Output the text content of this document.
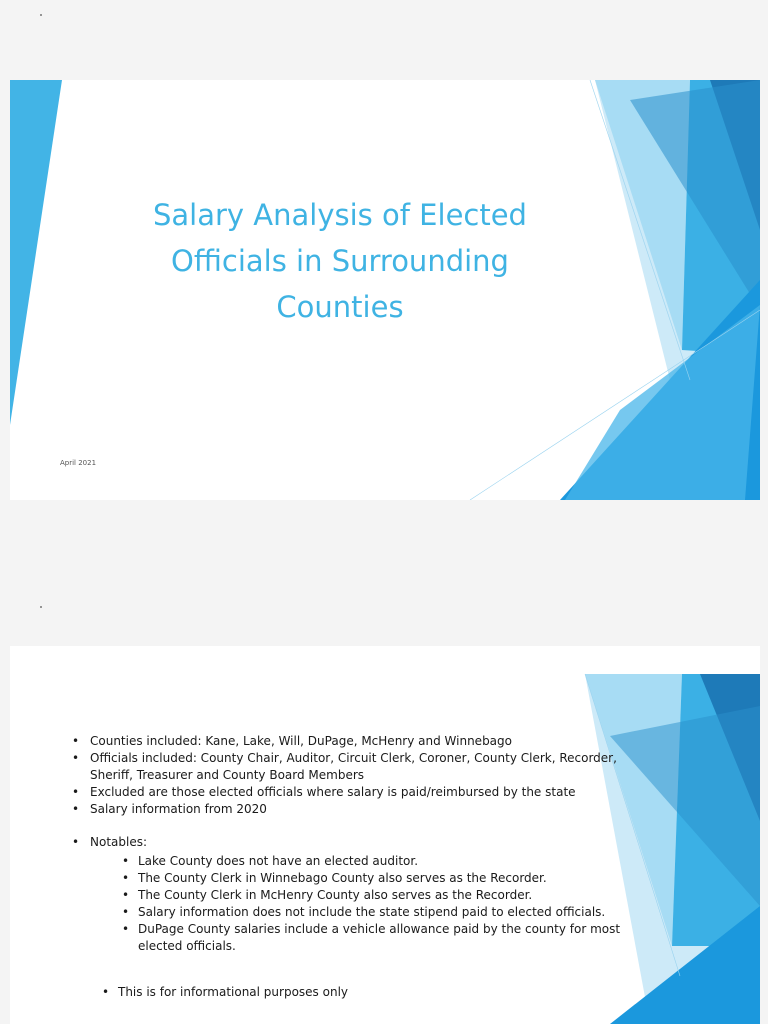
Salary Analysis of Elected Officials in Surrounding Counties
April 2021
• Counties included: Kane, Lake, Will, DuPage, McHenry and Winnebago
• Officials included: County Chair, Auditor, Circuit Clerk, Coroner, County Clerk, Recorder, Sheriff, Treasurer and County Board Members
• Excluded are those elected officials where salary is paid/reimbursed by the state
• Salary information from 2020
• Notables:
• Lake County does not have an elected auditor.
• The County Clerk in Winnebago County also serves as the Recorder.
• The County Clerk in McHenry County also serves as the Recorder.
• Salary information does not include the state stipend paid to elected officials.
• DuPage County salaries include a vehicle allowance paid by the county for most elected officials.
• This is for informational purposes only
